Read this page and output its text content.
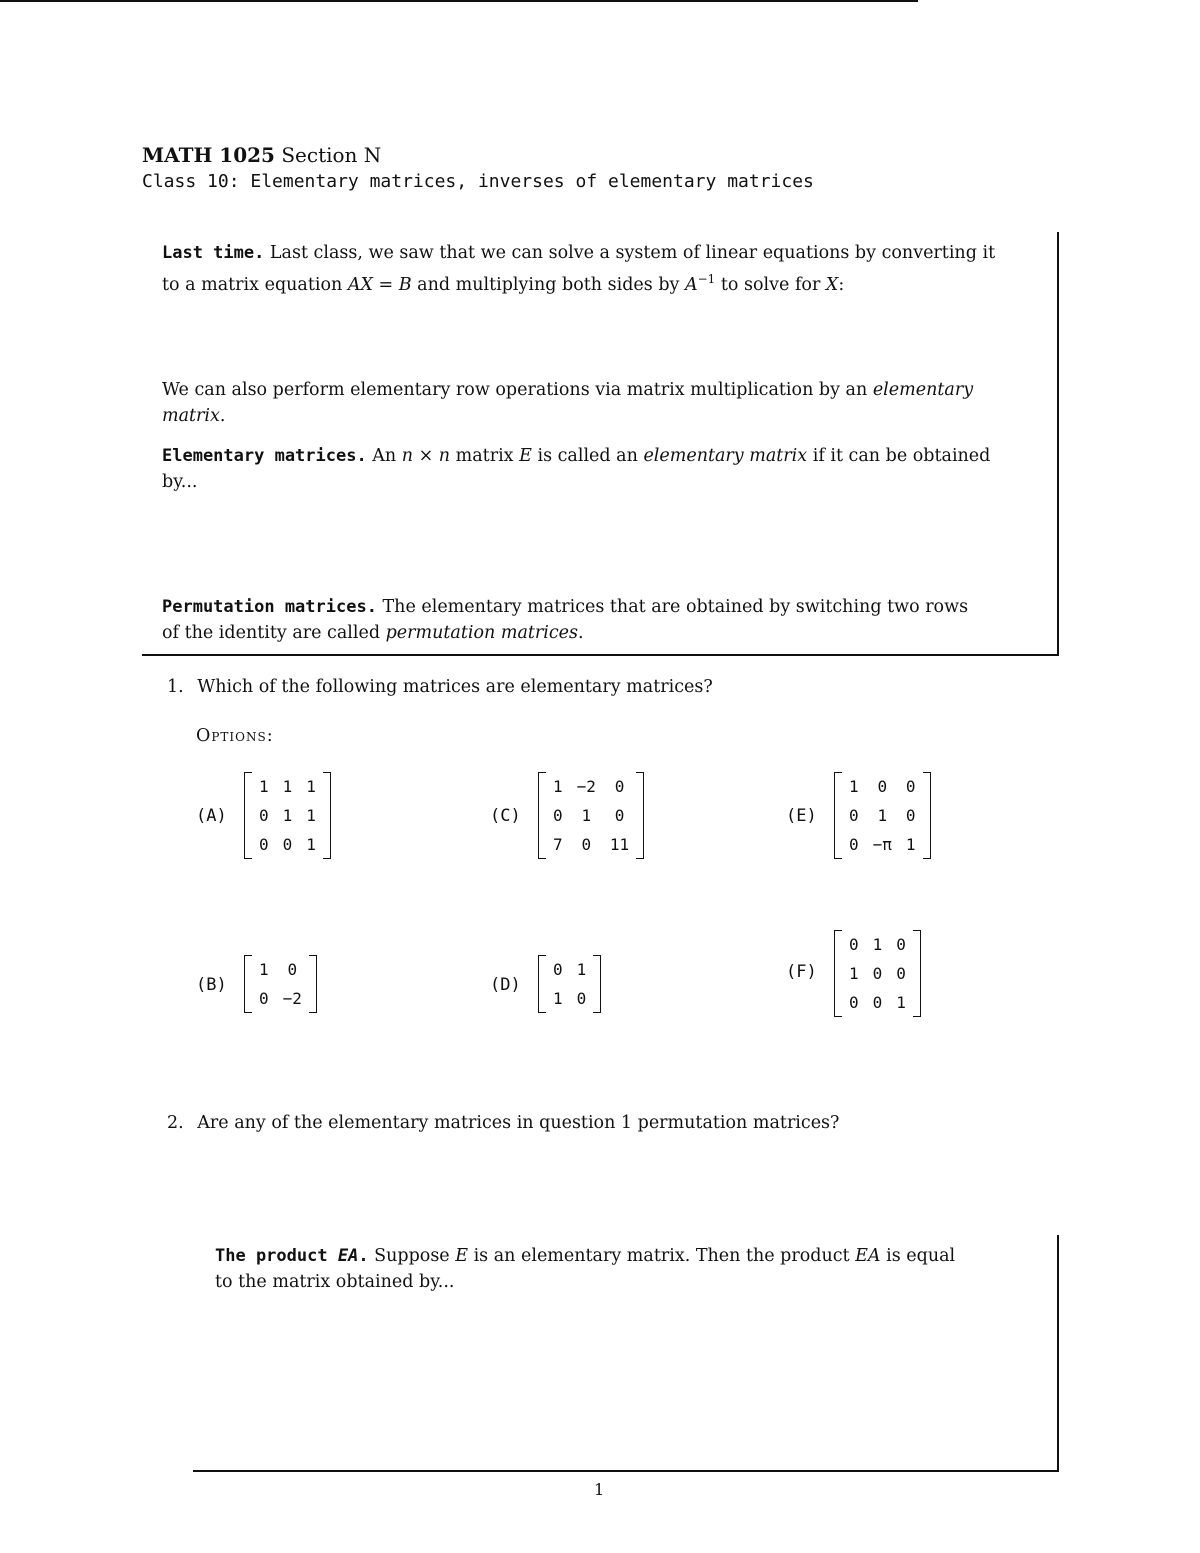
MATH 1025 Section N
Class 10: Elementary matrices, inverses of elementary matrices
Last time. Last class, we saw that we can solve a system of linear equations by converting it
to a matrix equation AX = B and multiplying both sides by $A^{-1}$ to solve for X:
We can also perform elementary row operations via matrix multiplication by an elementary
matrix.
Elementary matrices. An n × n matrix E is called an elementary matrix if it can be obtained
by...
Permutation matrices. The elementary matrices that are obtained by switching two rows
of the identity are called permutation matrices.
1. Which of the following matrices are elementary matrices?
Options:
(A)
1	1	1
0	1	1
0	0	1
(C)
1	−2	0
0	1	0
7	0	11
(E)
1	0	0
0	1	0
0	−π	1
(B)
1	0
0	−2
(D)
0	1
1	0
(F)
0	1	0
1	0	0
0	0	1
2. Are any of the elementary matrices in question 1 permutation matrices?
The product EA. Suppose E is an elementary matrix. Then the product EA is equal
to the matrix obtained by...
1
